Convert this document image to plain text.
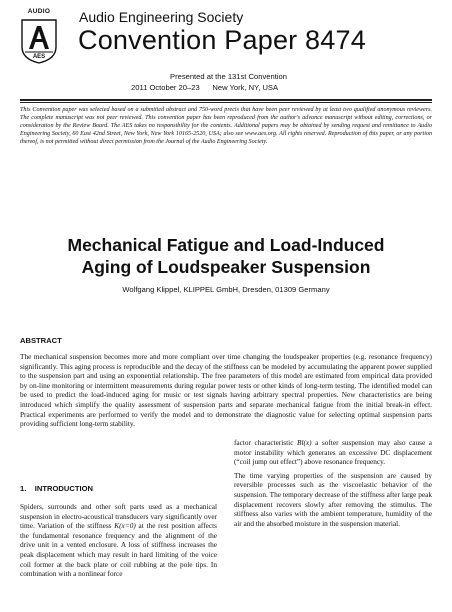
AUDIO
AES
Audio Engineering Society
Convention Paper 8474
Presented at the 131st Convention
2011 October 20–23 New York, NY, USA
This Convention paper was selected based on a submitted abstract and 750-word precis that have been peer reviewed by at least two qualified anonymous reviewers. The complete manuscript was not peer reviewed. This convention paper has been reproduced from the author's advance manuscript without editing, corrections, or consideration by the Review Board. The AES takes no responsibility for the contents. Additional papers may be obtained by sending request and remittance to Audio Engineering Society, 60 East 42nd Street, New York, New York 10165-2520, USA; also see www.aes.org. All rights reserved. Reproduction of this paper, or any portion thereof, is not permitted without direct permission from the Journal of the Audio Engineering Society.
Mechanical Fatigue and Load-Induced
Aging of Loudspeaker Suspension
Wolfgang Klippel, KLIPPEL GmbH, Dresden, 01309 Germany
ABSTRACT
The mechanical suspension becomes more and more compliant over time changing the loudspeaker properties (e.g. resonance frequency) significantly. This aging process is reproducible and the decay of the stiffness can be modeled by accumulating the apparent power supplied to the suspension part and using an exponential relationship. The free parameters of this model are estimated from empirical data provided by on-line monitoring or intermittent measurements during regular power tests or other kinds of long-term testing. The identified model can be used to predict the load-induced aging for music or test signals having arbitrary spectral properties. New characteristics are being introduced which simplify the quality assessment of suspension parts and separate mechanical fatigue from the initial break-in effect. Practical experiments are performed to verify the model and to demonstrate the diagnostic value for selecting optimal suspension parts providing sufficient long-term stability.
1.    INTRODUCTION

Spiders, surrounds and other soft parts used as a mechanical suspension in electro-acoustical transducers vary significantly over time. Variation of the stiffness K(x=0) at the rest position affects the fundamental resonance frequency and the alignment of the drive unit in a vented enclosure. A loss of stiffness increases the peak displacement which may result in hard limiting of the voice coil former at the back plate or coil rubbing at the pole tips. In combination with a nonlinear force

factor characteristic Bl(x) a softer suspension may also cause a motor instability which generates an excessive DC displacement (“coil jump out effect”) above resonance frequency.

The time varying properties of the suspension are caused by reversible processes such as the viscoelastic behavior of the suspension. The temporary decrease of the stiffness after large peak displacement recovers slowly after removing the stimulus. The stiffness also varies with the ambient temperature, humidity of the air and the absorbed moisture in the suspension material.
